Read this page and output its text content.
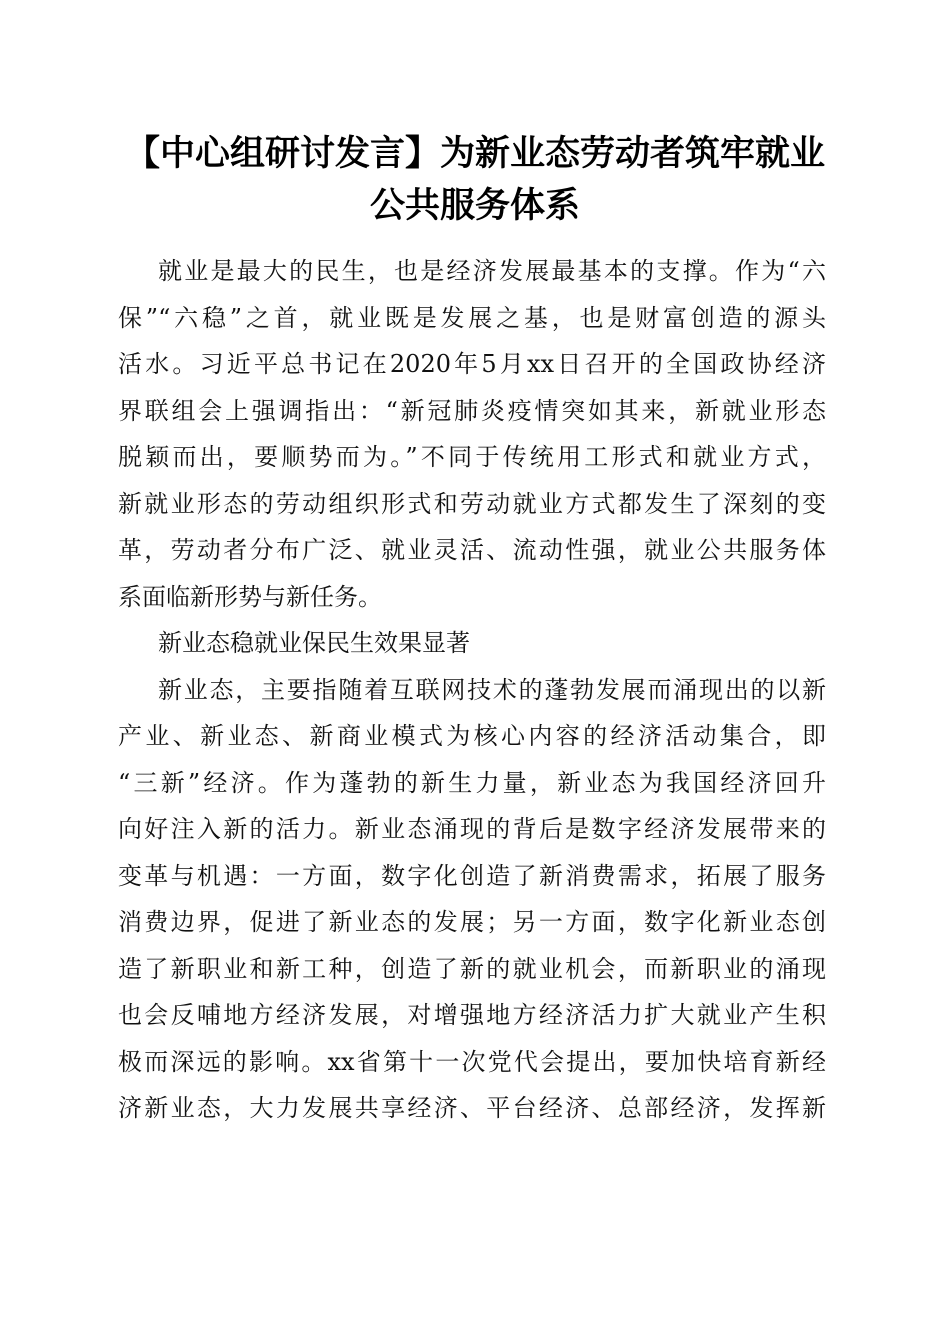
【中心组研讨发言】为新业态劳动者筑牢就业
公共服务体系
就业是最大的民生，也是经济发展最基本的支撑。作为“六
保”“六稳”之首，就业既是发展之基，也是财富创造的源头
活水。习近平总书记在2020年5月xx日召开的全国政协经济
界联组会上强调指出：“新冠肺炎疫情突如其来，新就业形态
脱颖而出，要顺势而为。”不同于传统用工形式和就业方式，
新就业形态的劳动组织形式和劳动就业方式都发生了深刻的变
革，劳动者分布广泛、就业灵活、流动性强，就业公共服务体
系面临新形势与新任务。
新业态稳就业保民生效果显著
新业态，主要指随着互联网技术的蓬勃发展而涌现出的以新
产业、新业态、新商业模式为核心内容的经济活动集合，即
“三新”经济。作为蓬勃的新生力量，新业态为我国经济回升
向好注入新的活力。新业态涌现的背后是数字经济发展带来的
变革与机遇：一方面，数字化创造了新消费需求，拓展了服务
消费边界，促进了新业态的发展；另一方面，数字化新业态创
造了新职业和新工种，创造了新的就业机会，而新职业的涌现
也会反哺地方经济发展，对增强地方经济活力扩大就业产生积
极而深远的影响。xx省第十一次党代会提出，要加快培育新经
济新业态，大力发展共享经济、平台经济、总部经济，发挥新
